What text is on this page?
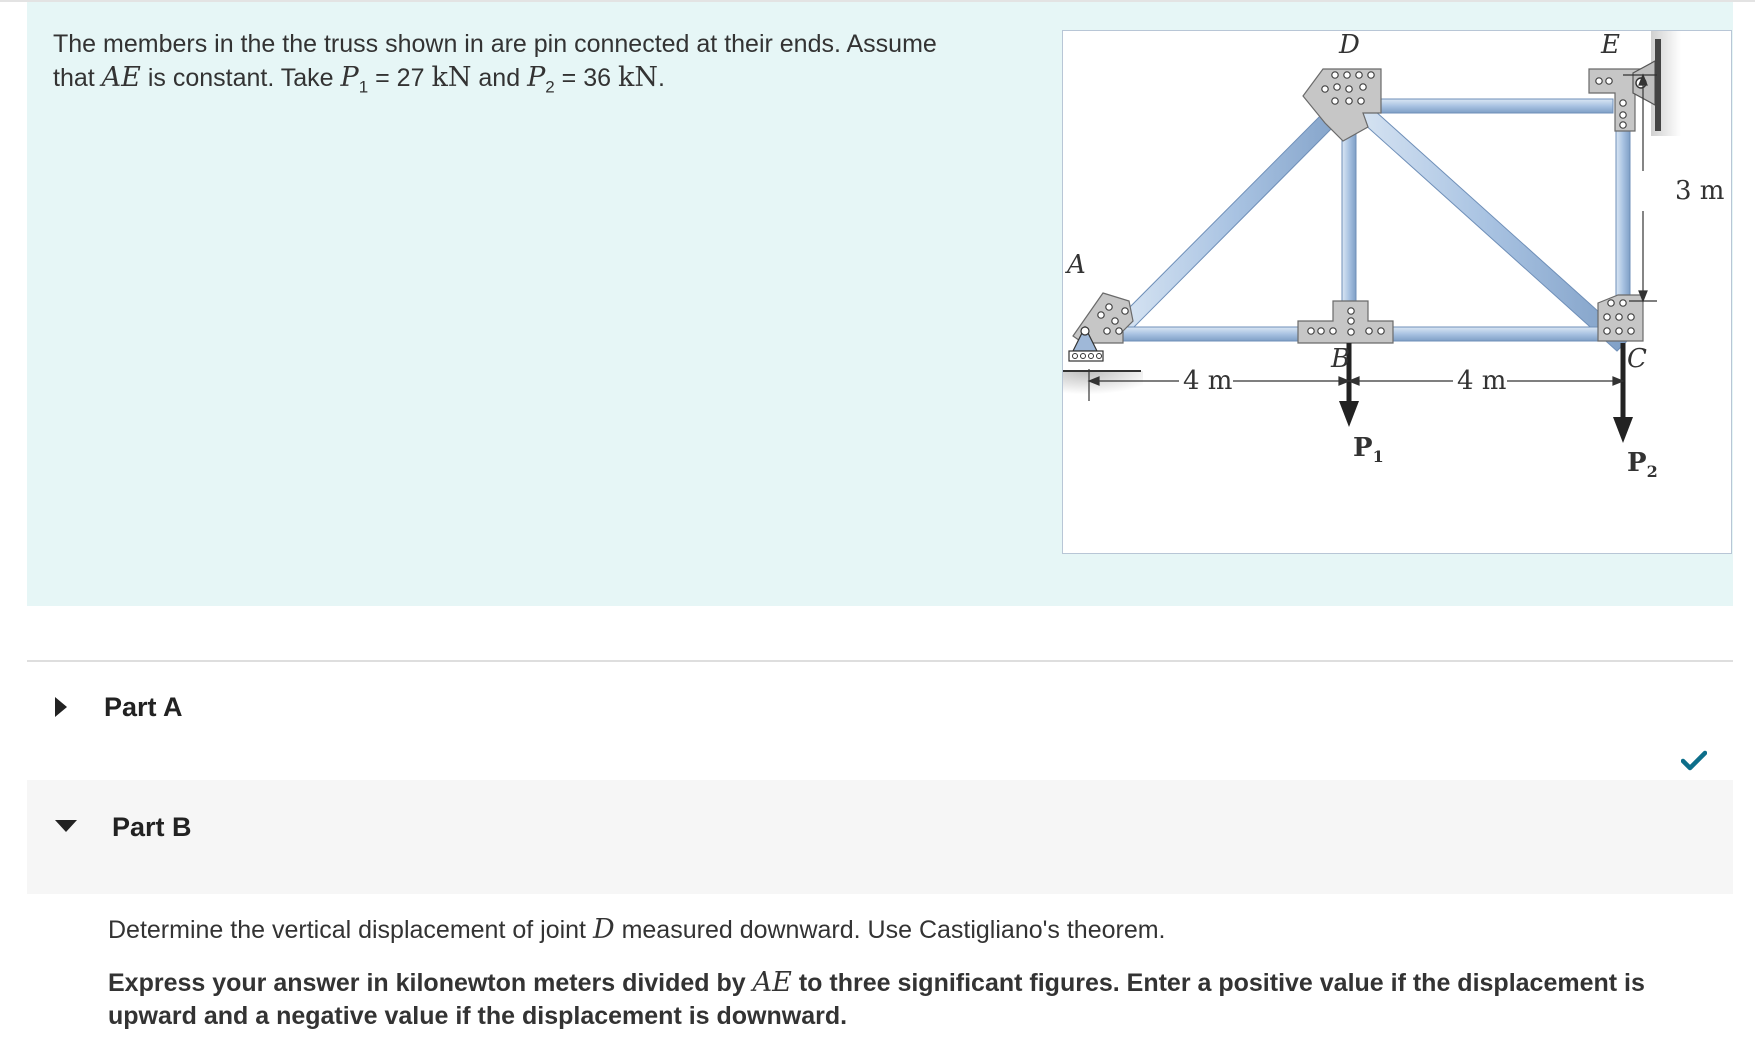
The members in the the truss shown in are pin connected at their ends. Assume that AE is constant. Take $P_1 = 27$ kN and $P_2 = 36$ kN.
A
D	E
B	C
4 m	4 m
3 m
$P_1$	$P_2$
Part A
Part B
Determine the vertical displacement of joint D measured downward. Use Castigliano's theorem.
Express your answer in kilonewton meters divided by AE to three significant figures. Enter a positive value if the displacement is upward and a negative value if the displacement is downward.
